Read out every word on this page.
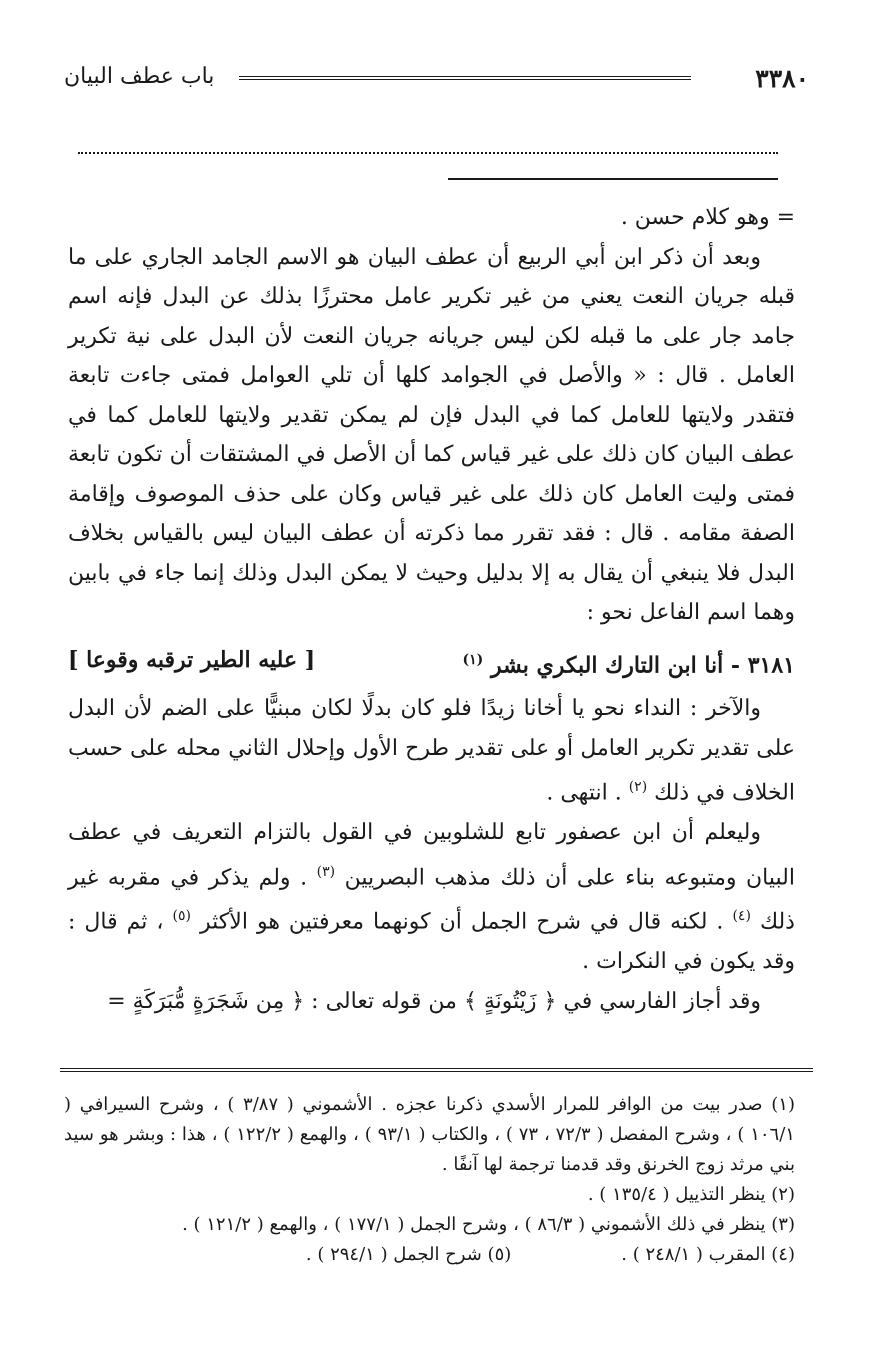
٣٣٨٠
باب عطف البيان

= وهو كلام حسن .

وبعد أن ذكر ابن أبي الربيع أن عطف البيان هو الاسم الجامد الجاري على ما قبله جريان النعت يعني من غير تكرير عامل محترزًا بذلك عن البدل فإنه اسم جامد جار على ما قبله لكن ليس جريانه جريان النعت لأن البدل على نية تكرير العامل . قال : « والأصل في الجوامد كلها أن تلي العوامل فمتى جاءت تابعة فتقدر ولايتها للعامل كما في البدل فإن لم يمكن تقدير ولايتها للعامل كما في عطف البيان كان ذلك على غير قياس كما أن الأصل في المشتقات أن تكون تابعة فمتى وليت العامل كان ذلك على غير قياس وكان على حذف الموصوف وإقامة الصفة مقامه . قال : فقد تقرر مما ذكرته أن عطف البيان ليس بالقياس بخلاف البدل فلا ينبغي أن يقال به إلا بدليل وحيث لا يمكن البدل وذلك إنما جاء في بابين وهما اسم الفاعل نحو :

٣١٨١ - أنا ابن التارك البكري بشر $^{(١)}$
[ عليه الطير ترقبه وقوعا ]

والآخر : النداء نحو يا أخانا زيدًا فلو كان بدلًا لكان مبنيًّا على الضم لأن البدل على تقدير تكرير العامل أو على تقدير طرح الأول وإحلال الثاني محله على حسب الخلاف في ذلك $^{(٢)}$ . انتهى .

وليعلم أن ابن عصفور تابع للشلوبين في القول بالتزام التعريف في عطف البيان ومتبوعه بناء على أن ذلك مذهب البصريين $^{(٣)}$ . ولم يذكر في مقربه غير ذلك $^{(٤)}$ . لكنه قال في شرح الجمل أن كونهما معرفتين هو الأكثر $^{(٥)}$ ، ثم قال : وقد يكون في النكرات .

وقد أجاز الفارسي في ﴿ زَيْتُونَةٍ ﴾ من قوله تعالى : ﴿ مِن شَجَرَةٍ مُّبَرَكَةٍ =

(١) صدر بيت من الوافر للمرار الأسدي ذكرنا عجزه . الأشموني ( ٣/٨٧ ) ، وشرح السيرافي ( ١٠٦/١ ) ، وشرح المفصل ( ٧٢/٣ ، ٧٣ ) ، والكتاب ( ٩٣/١ ) ، والهمع ( ١٢٢/٢ ) ، هذا : وبشر هو سيد بني مرثد زوج الخرنق وقد قدمنا ترجمة لها آنفًا .

(٢) ينظر التذييل ( ١٣٥/٤ ) .

(٣) ينظر في ذلك الأشموني ( ٨٦/٣ ) ، وشرح الجمل ( ١٧٧/١ ) ، والهمع ( ١٢١/٢ ) .

(٤) المقرب ( ٢٤٨/١ ) .
(٥) شرح الجمل ( ٢٩٤/١ ) .
